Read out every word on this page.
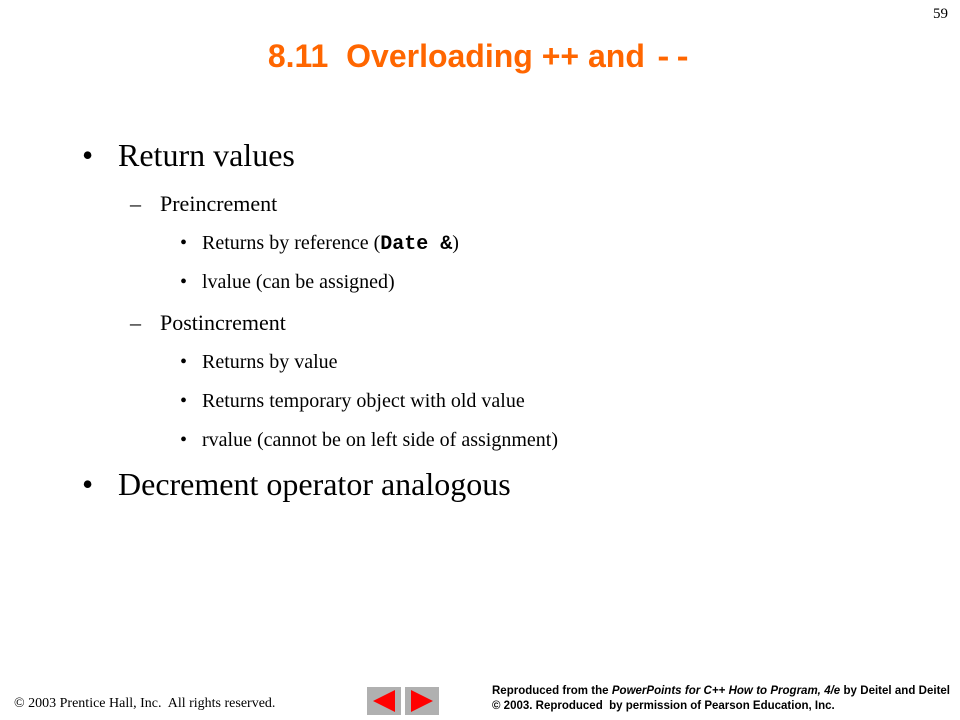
59
8.11  Overloading ++ and --
• Return values
– Preincrement
• Returns by reference (Date &)
• lvalue (can be assigned)
– Postincrement
• Returns by value
• Returns temporary object with old value
• rvalue (cannot be on left side of assignment)
• Decrement operator analogous
© 2003 Prentice Hall, Inc.  All rights reserved.
Reproduced from the PowerPoints for C++ How to Program, 4/e by Deitel and Deitel © 2003. Reproduced  by permission of Pearson Education, Inc.
